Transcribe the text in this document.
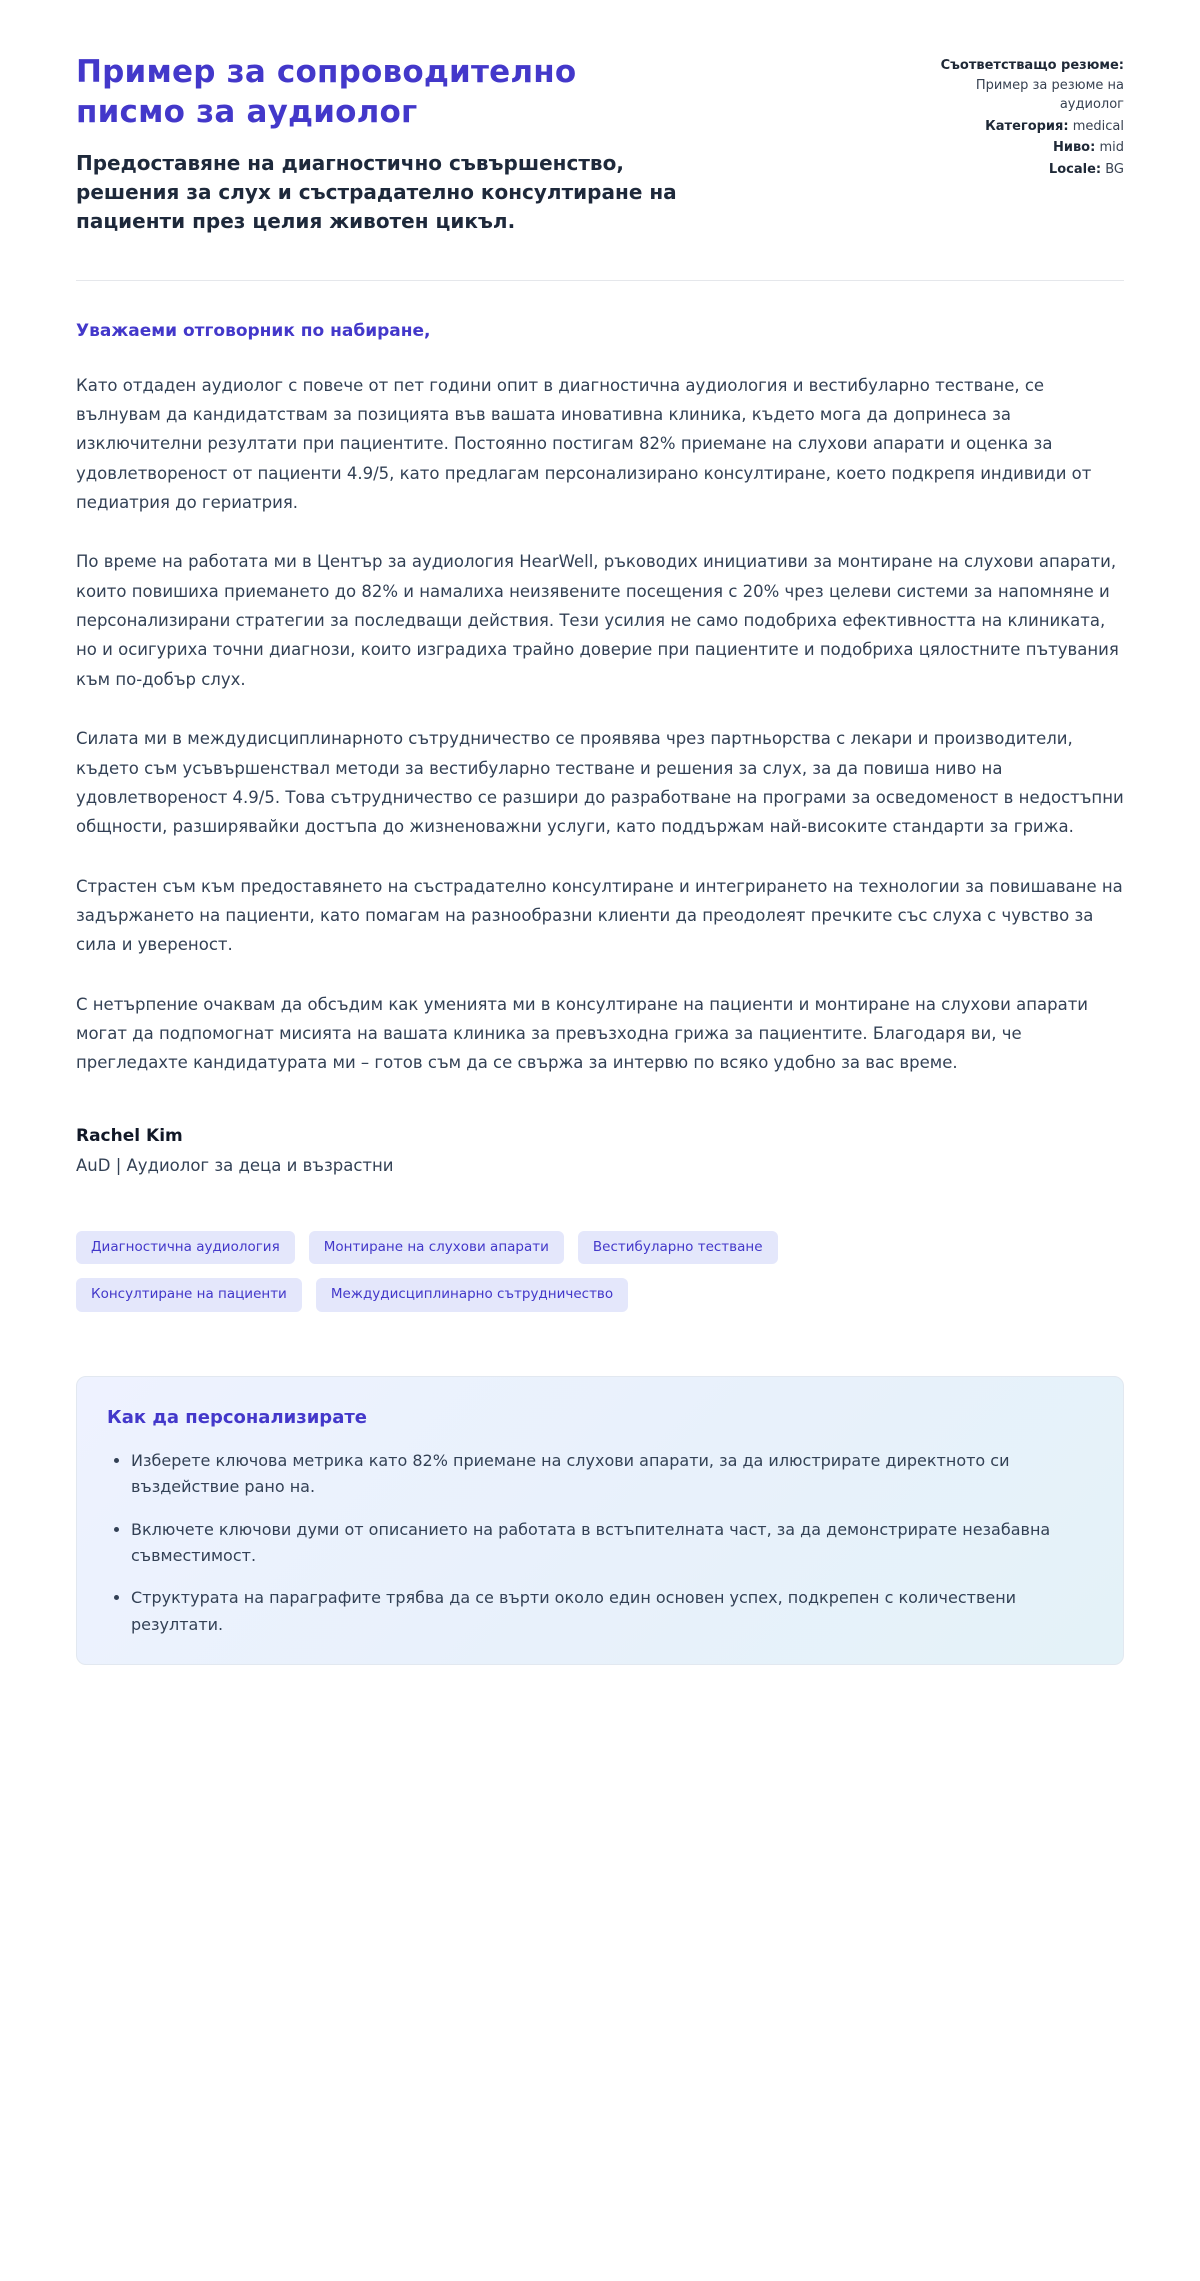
Пример за сопроводително писмо за аудиолог

Предоставяне на диагностично съвършенство, решения за слух и състрадателно консултиране на пациенти през целия животен цикъл.

Съответстващо резюме: Пример за резюме на аудиолог
Категория: medical
Ниво: mid
Locale: BG

Уважаеми отговорник по набиране,

Като отдаден аудиолог с повече от пет години опит в диагностична аудиология и вестибуларно тестване, се вълнувам да кандидатствам за позицията във вашата иновативна клиника, където мога да допринеса за изключителни резултати при пациентите. Постоянно постигам 82% приемане на слухови апарати и оценка за удовлетвореност от пациенти 4.9/5, като предлагам персонализирано консултиране, което подкрепя индивиди от педиатрия до гериатрия.

По време на работата ми в Център за аудиология HearWell, ръководих инициативи за монтиране на слухови апарати, които повишиха приемането до 82% и намалиха неизявените посещения с 20% чрез целеви системи за напомняне и персонализирани стратегии за последващи действия. Тези усилия не само подобриха ефективността на клиниката, но и осигуриха точни диагнози, които изградиха трайно доверие при пациентите и подобриха цялостните пътувания към по-добър слух.

Силата ми в междудисциплинарното сътрудничество се проявява чрез партньорства с лекари и производители, където съм усъвършенствал методи за вестибуларно тестване и решения за слух, за да повиша ниво на удовлетвореност 4.9/5. Това сътрудничество се разшири до разработване на програми за осведоменост в недостъпни общности, разширявайки достъпа до жизненоважни услуги, като поддържам най-високите стандарти за грижа.

Страстен съм към предоставянето на състрадателно консултиране и интегрирането на технологии за повишаване на задържането на пациенти, като помагам на разнообразни клиенти да преодолеят пречките със слуха с чувство за сила и увереност.

С нетърпение очаквам да обсъдим как уменията ми в консултиране на пациенти и монтиране на слухови апарати могат да подпомогнат мисията на вашата клиника за превъзходна грижа за пациентите. Благодаря ви, че прегледахте кандидатурата ми – готов съм да се свържа за интервю по всяко удобно за вас време.

Rachel Kim

AuD | Аудиолог за деца и възрастни

Диагностична аудиология	Монтиране на слухови апарати	Вестибуларно тестване
Консултиране на пациенти	Междудисциплинарно сътрудничество
Как да персонализирате
• Изберете ключова метрика като 82% приемане на слухови апарати, за да илюстрирате директното си въздействие рано на.
• Включете ключови думи от описанието на работата в встъпителната част, за да демонстрирате незабавна съвместимост.
• Структурата на параграфите трябва да се върти около един основен успех, подкрепен с количествени резултати.
